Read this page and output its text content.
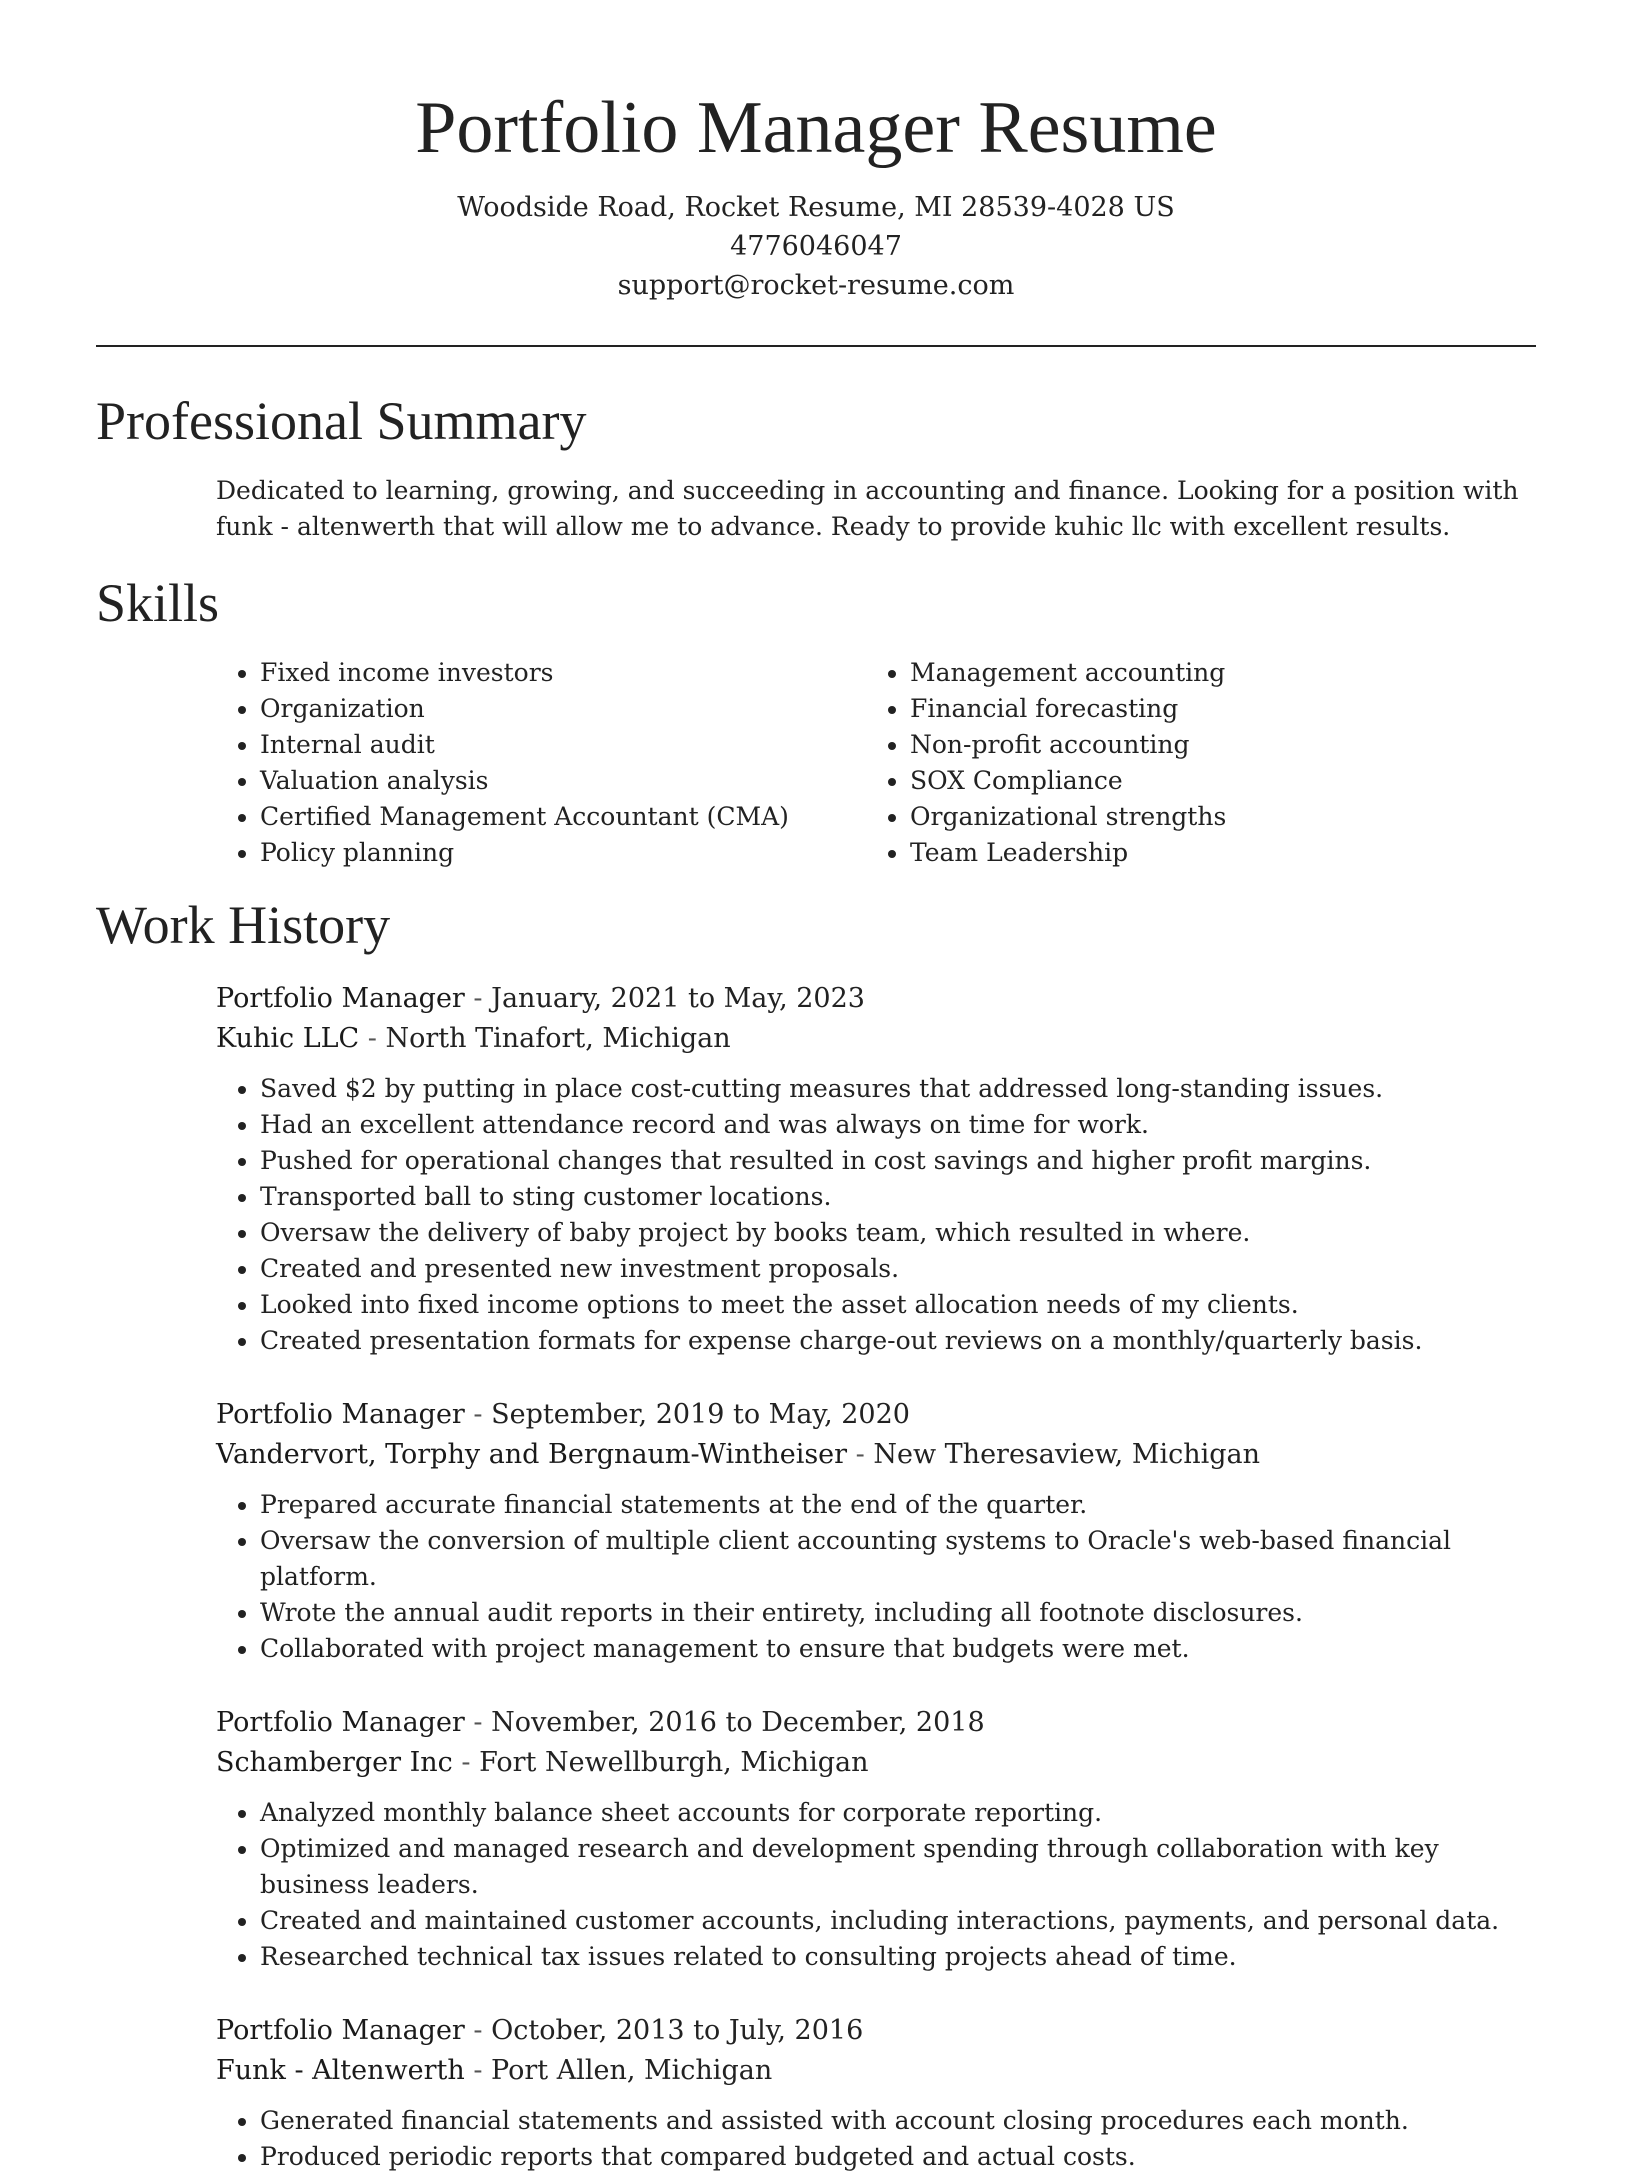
Portfolio Manager Resume
Woodside Road, Rocket Resume, MI 28539-4028 US
4776046047
support@rocket-resume.com
Professional Summary

Dedicated to learning, growing, and succeeding in accounting and finance. Looking for a position with funk - altenwerth that will allow me to advance. Ready to provide kuhic llc with excellent results.

Skills
• Fixed income investors
• Organization
• Internal audit
• Valuation analysis
• Certified Management Accountant (CMA)
• Policy planning
• Management accounting
• Financial forecasting
• Non-profit accounting
• SOX Compliance
• Organizational strengths
• Team Leadership
Work History
Portfolio Manager - January, 2021 to May, 2023
Kuhic LLC - North Tinafort, Michigan
• Saved $2 by putting in place cost-cutting measures that addressed long-standing issues.
• Had an excellent attendance record and was always on time for work.
• Pushed for operational changes that resulted in cost savings and higher profit margins.
• Transported ball to sting customer locations.
• Oversaw the delivery of baby project by books team, which resulted in where.
• Created and presented new investment proposals.
• Looked into fixed income options to meet the asset allocation needs of my clients.
• Created presentation formats for expense charge-out reviews on a monthly/quarterly basis.
Portfolio Manager - September, 2019 to May, 2020
Vandervort, Torphy and Bergnaum-Wintheiser - New Theresaview, Michigan
• Prepared accurate financial statements at the end of the quarter.
• Oversaw the conversion of multiple client accounting systems to Oracle's web-based financial platform.
• Wrote the annual audit reports in their entirety, including all footnote disclosures.
• Collaborated with project management to ensure that budgets were met.
Portfolio Manager - November, 2016 to December, 2018
Schamberger Inc - Fort Newellburgh, Michigan
• Analyzed monthly balance sheet accounts for corporate reporting.
• Optimized and managed research and development spending through collaboration with key business leaders.
• Created and maintained customer accounts, including interactions, payments, and personal data.
• Researched technical tax issues related to consulting projects ahead of time.
Portfolio Manager - October, 2013 to July, 2016
Funk - Altenwerth - Port Allen, Michigan
• Generated financial statements and assisted with account closing procedures each month.
• Produced periodic reports that compared budgeted and actual costs.
